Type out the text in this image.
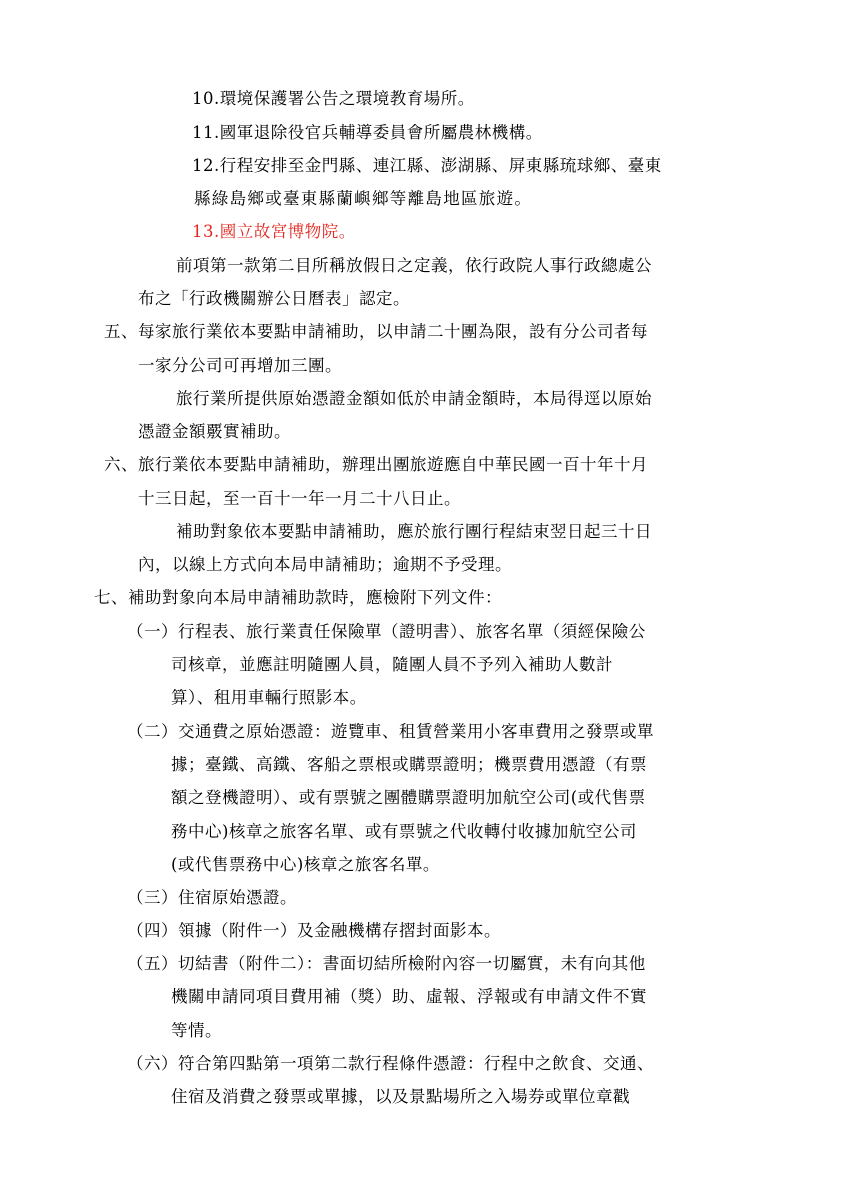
10.環境保護署公告之環境教育場所。
11.國軍退除役官兵輔導委員會所屬農林機構。
12.行程安排至金門縣、連江縣、澎湖縣、屏東縣琉球鄉、臺東
縣綠島鄉或臺東縣蘭嶼鄉等離島地區旅遊。
13.國立故宮博物院。
前項第一款第二目所稱放假日之定義，依行政院人事行政總處公
布之「行政機關辦公日曆表」認定。
五、每家旅行業依本要點申請補助，以申請二十團為限，設有分公司者每
一家分公司可再增加三團。
旅行業所提供原始憑證金額如低於申請金額時，本局得逕以原始
憑證金額覈實補助。
六、旅行業依本要點申請補助，辦理出團旅遊應自中華民國一百十年十月
十三日起，至一百十一年一月二十八日止。
補助對象依本要點申請補助，應於旅行團行程結束翌日起三十日
內，以線上方式向本局申請補助；逾期不予受理。
七、補助對象向本局申請補助款時，應檢附下列文件：
（一）行程表、旅行業責任保險單（證明書）、旅客名單（須經保險公
司核章，並應註明隨團人員，隨團人員不予列入補助人數計
算）、租用車輛行照影本。
（二）交通費之原始憑證：遊覽車、租賃營業用小客車費用之發票或單
據；臺鐵、高鐵、客船之票根或購票證明；機票費用憑證（有票
額之登機證明）、或有票號之團體購票證明加航空公司(或代售票
務中心)核章之旅客名單、或有票號之代收轉付收據加航空公司
(或代售票務中心)核章之旅客名單。
（三）住宿原始憑證。
（四）領據（附件一）及金融機構存摺封面影本。
（五）切結書（附件二）：書面切結所檢附內容一切屬實，未有向其他
機關申請同項目費用補（獎）助、虛報、浮報或有申請文件不實
等情。
（六）符合第四點第一項第二款行程條件憑證：行程中之飲食、交通、
住宿及消費之發票或單據，以及景點場所之入場券或單位章戳
